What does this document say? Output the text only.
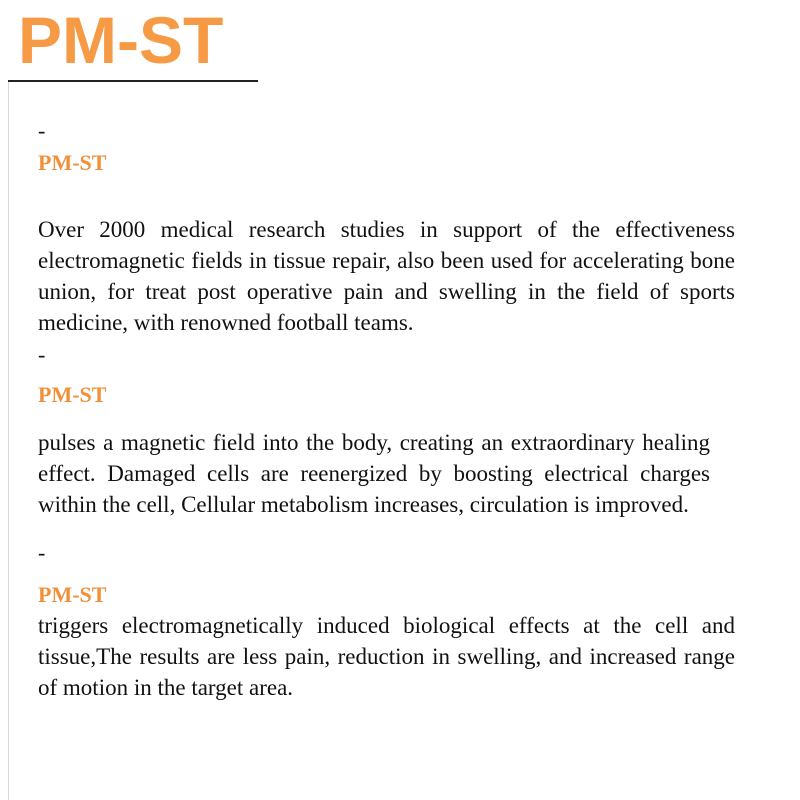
PM-ST
-
PM-ST

Over 2000 medical research studies in support of the effectiveness electromagnetic fields in tissue repair, also been used for accelerating bone union, for treat post operative pain and swelling in the field of sports medicine, with renowned football teams.

-
PM-ST

pulses a magnetic field into the body, creating an extraordinary healing effect. Damaged cells are reenergized by boosting electrical charges within the cell, Cellular metabolism increases, circulation is improved.

-
PM-ST

triggers electromagnetically induced biological effects at the cell and tissue,The results are less pain, reduction in swelling, and increased range of motion in the target area.
